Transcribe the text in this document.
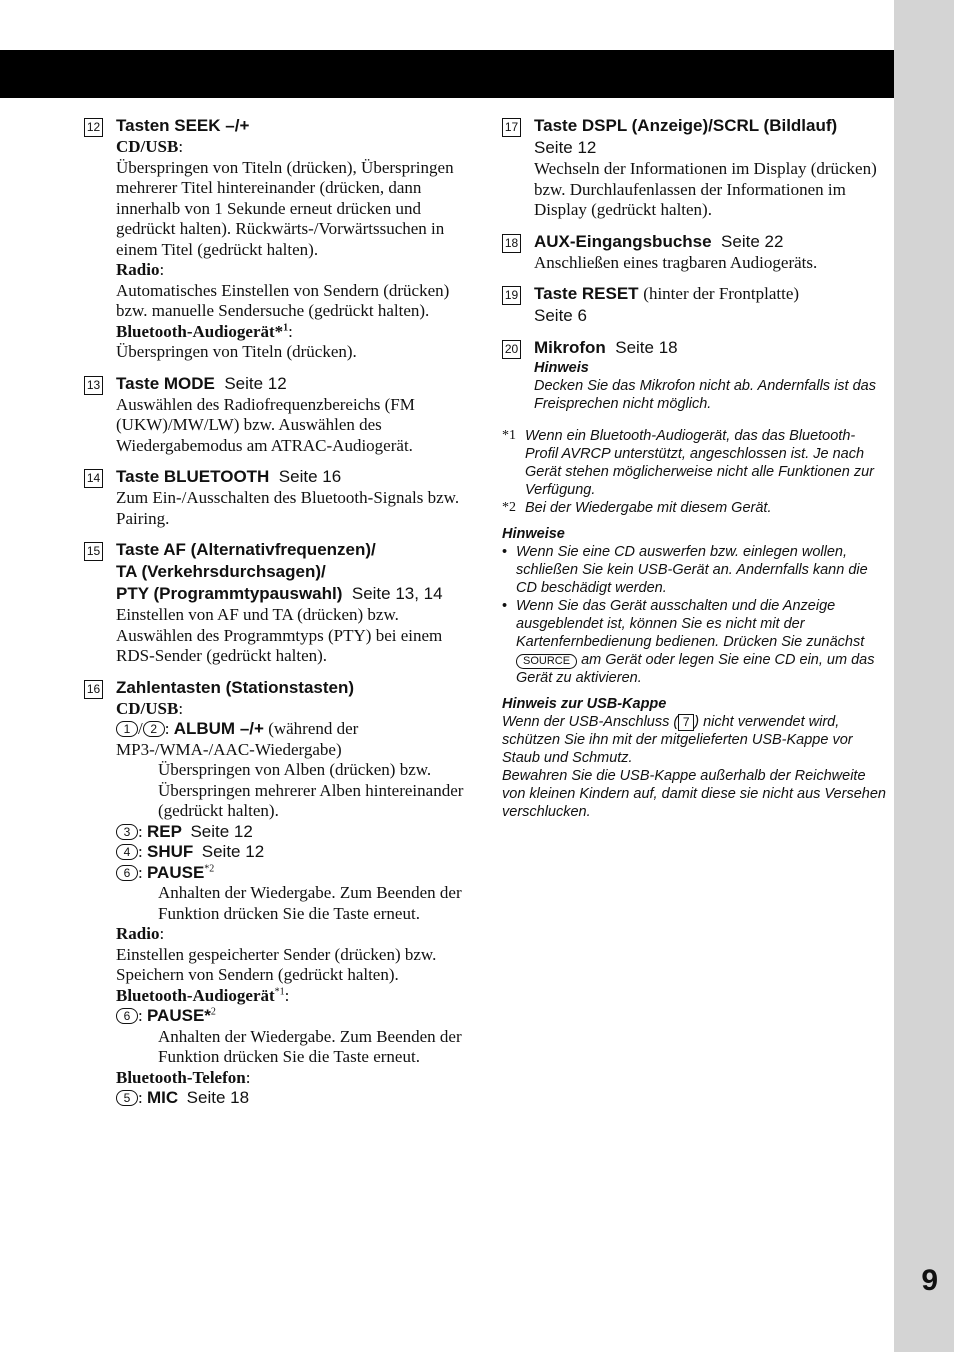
9
12 Tasten SEEK –/+
CD/USB:
Überspringen von Titeln (drücken), Überspringen mehrerer Titel hintereinander (drücken, dann innerhalb von 1 Sekunde erneut drücken und gedrückt halten). Rückwärts-/Vorwärtssuchen in einem Titel (gedrückt halten).
Radio:
Automatisches Einstellen von Sendern (drücken) bzw. manuelle Sendersuche (gedrückt halten).
Bluetooth-Audiogerät*$^1$:
Überspringen von Titeln (drücken).
13 Taste MODE Seite 12
Auswählen des Radiofrequenzbereichs (FM (UKW)/MW/LW) bzw. Auswählen des Wiedergabemodus am ATRAC-Audiogerät.
14 Taste BLUETOOTH Seite 16
Zum Ein-/Ausschalten des Bluetooth-Signals bzw. Pairing.
15 Taste AF (Alternativfrequenzen)/
TA (Verkehrsdurchsagen)/
PTY (Programmtypauswahl) Seite 13, 14
Einstellen von AF und TA (drücken) bzw. Auswählen des Programmtyps (PTY) bei einem RDS-Sender (gedrückt halten).
16 Zahlentasten (Stationstasten)
CD/USB:
1 / 2 : ALBUM –/+ (während der MP3-/WMA-/AAC-Wiedergabe)
Überspringen von Alben (drücken) bzw. Überspringen mehrerer Alben hintereinander (gedrückt halten).
3 : REP Seite 12
4 : SHUF Seite 12
6 : PAUSE$^{*2}$
Anhalten der Wiedergabe. Zum Beenden der Funktion drücken Sie die Taste erneut.
Radio:
Einstellen gespeicherter Sender (drücken) bzw. Speichern von Sendern (gedrückt halten).
Bluetooth-Audiogerät$^{*1}$:
6 : PAUSE*$^2$
Anhalten der Wiedergabe. Zum Beenden der Funktion drücken Sie die Taste erneut.
Bluetooth-Telefon:
5 : MIC Seite 18
17 Taste DSPL (Anzeige)/SCRL (Bildlauf)
Seite 12
Wechseln der Informationen im Display (drücken) bzw. Durchlaufenlassen der Informationen im Display (gedrückt halten).
18 AUX-Eingangsbuchse Seite 22
Anschließen eines tragbaren Audiogeräts.
19 Taste RESET (hinter der Frontplatte)
Seite 6
20 Mikrofon Seite 18
Hinweis
Decken Sie das Mikrofon nicht ab. Andernfalls ist das Freisprechen nicht möglich.
*1 Wenn ein Bluetooth-Audiogerät, das das Bluetooth-Profil AVRCP unterstützt, angeschlossen ist. Je nach Gerät stehen möglicherweise nicht alle Funktionen zur Verfügung.
*2 Bei der Wiedergabe mit diesem Gerät.
Hinweise
• Wenn Sie eine CD auswerfen bzw. einlegen wollen, schließen Sie kein USB-Gerät an. Andernfalls kann die CD beschädigt werden.
• Wenn Sie das Gerät ausschalten und die Anzeige ausgeblendet ist, können Sie es nicht mit der Kartenfernbedienung bedienen. Drücken Sie zunächst SOURCE am Gerät oder legen Sie eine CD ein, um das Gerät zu aktivieren.
Hinweis zur USB-Kappe
Wenn der USB-Anschluss ( 7 ) nicht verwendet wird, schützen Sie ihn mit der mitgelieferten USB-Kappe vor Staub und Schmutz.
Bewahren Sie die USB-Kappe außerhalb der Reichweite von kleinen Kindern auf, damit diese sie nicht aus Versehen verschlucken.
